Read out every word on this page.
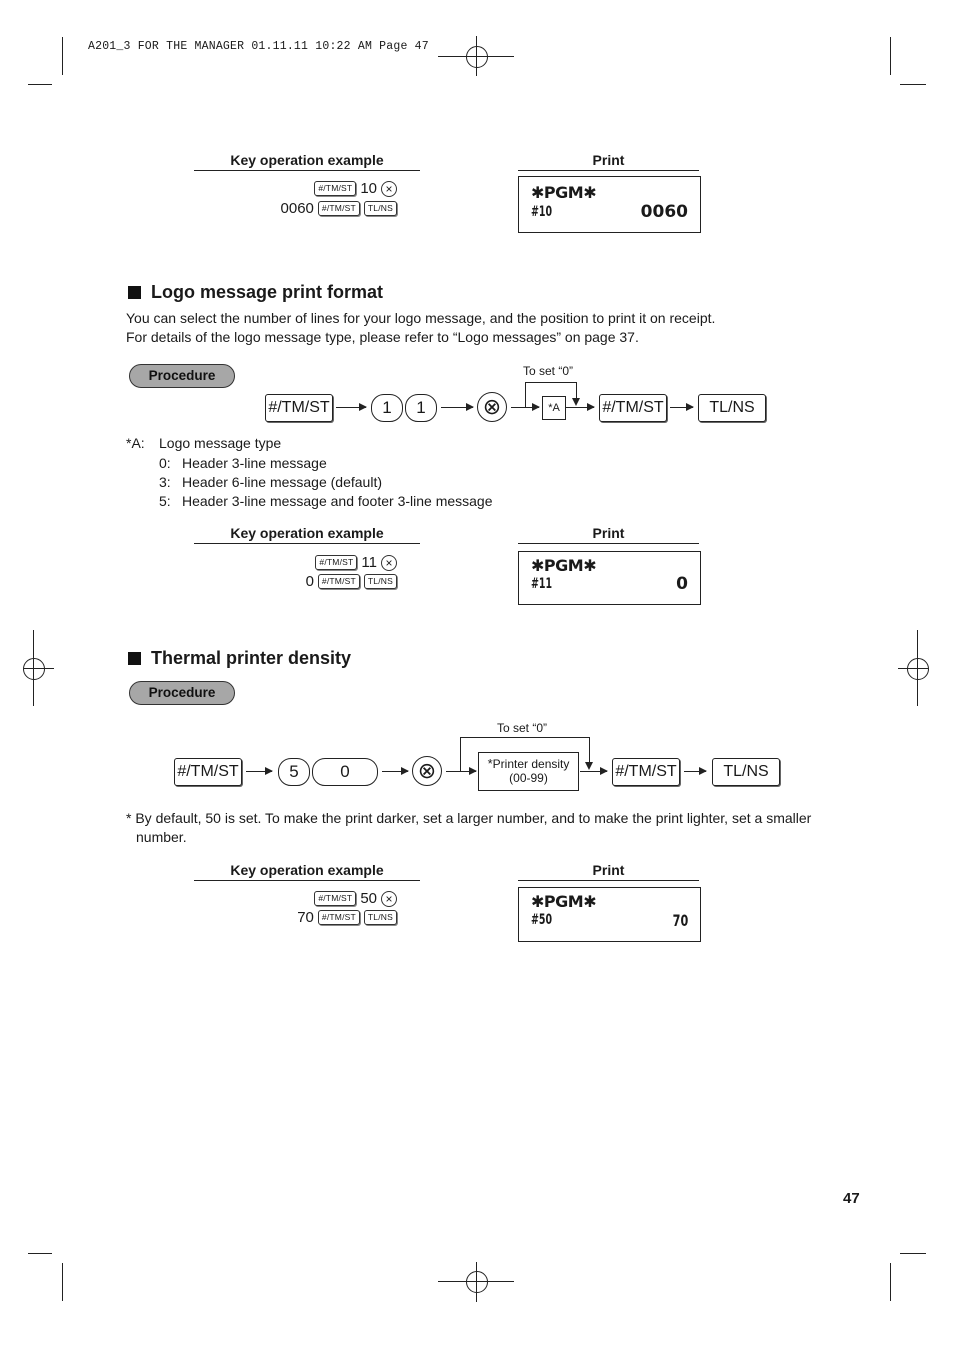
A201_3 FOR THE MANAGER 01.11.11 10:22 AM Page 47
Key operation example	Print
#/TM/ST 10 ×
0060 #/TM/ST	TL/NS
✱PGM✱
#10	0060
Logo message print format
You can select the number of lines for your logo message, and the position to print it on receipt.
For details of the logo message type, please refer to “Logo messages” on page 37.
Procedure	To set “0”
#/TM/ST	1	1	⊗	*A	#/TM/ST	TL/NS
*A: Logo message type
0: Header 3-line message
3: Header 6-line message (default)
5: Header 3-line message and footer 3-line message
Key operation example	Print
#/TM/ST 11 ×
0 #/TM/ST	TL/NS
✱PGM✱
#11	0
Thermal printer density
Procedure
To set “0”
#/TM/ST	5	0	⊗	*Printer density
(00-99)	#/TM/ST	TL/NS
* By default, 50 is set. To make the print darker, set a larger number, and to make the print lighter, set a smaller
number.
Key operation example	Print
#/TM/ST 50 ×
70 #/TM/ST	TL/NS
✱PGM✱
#50	70
47
